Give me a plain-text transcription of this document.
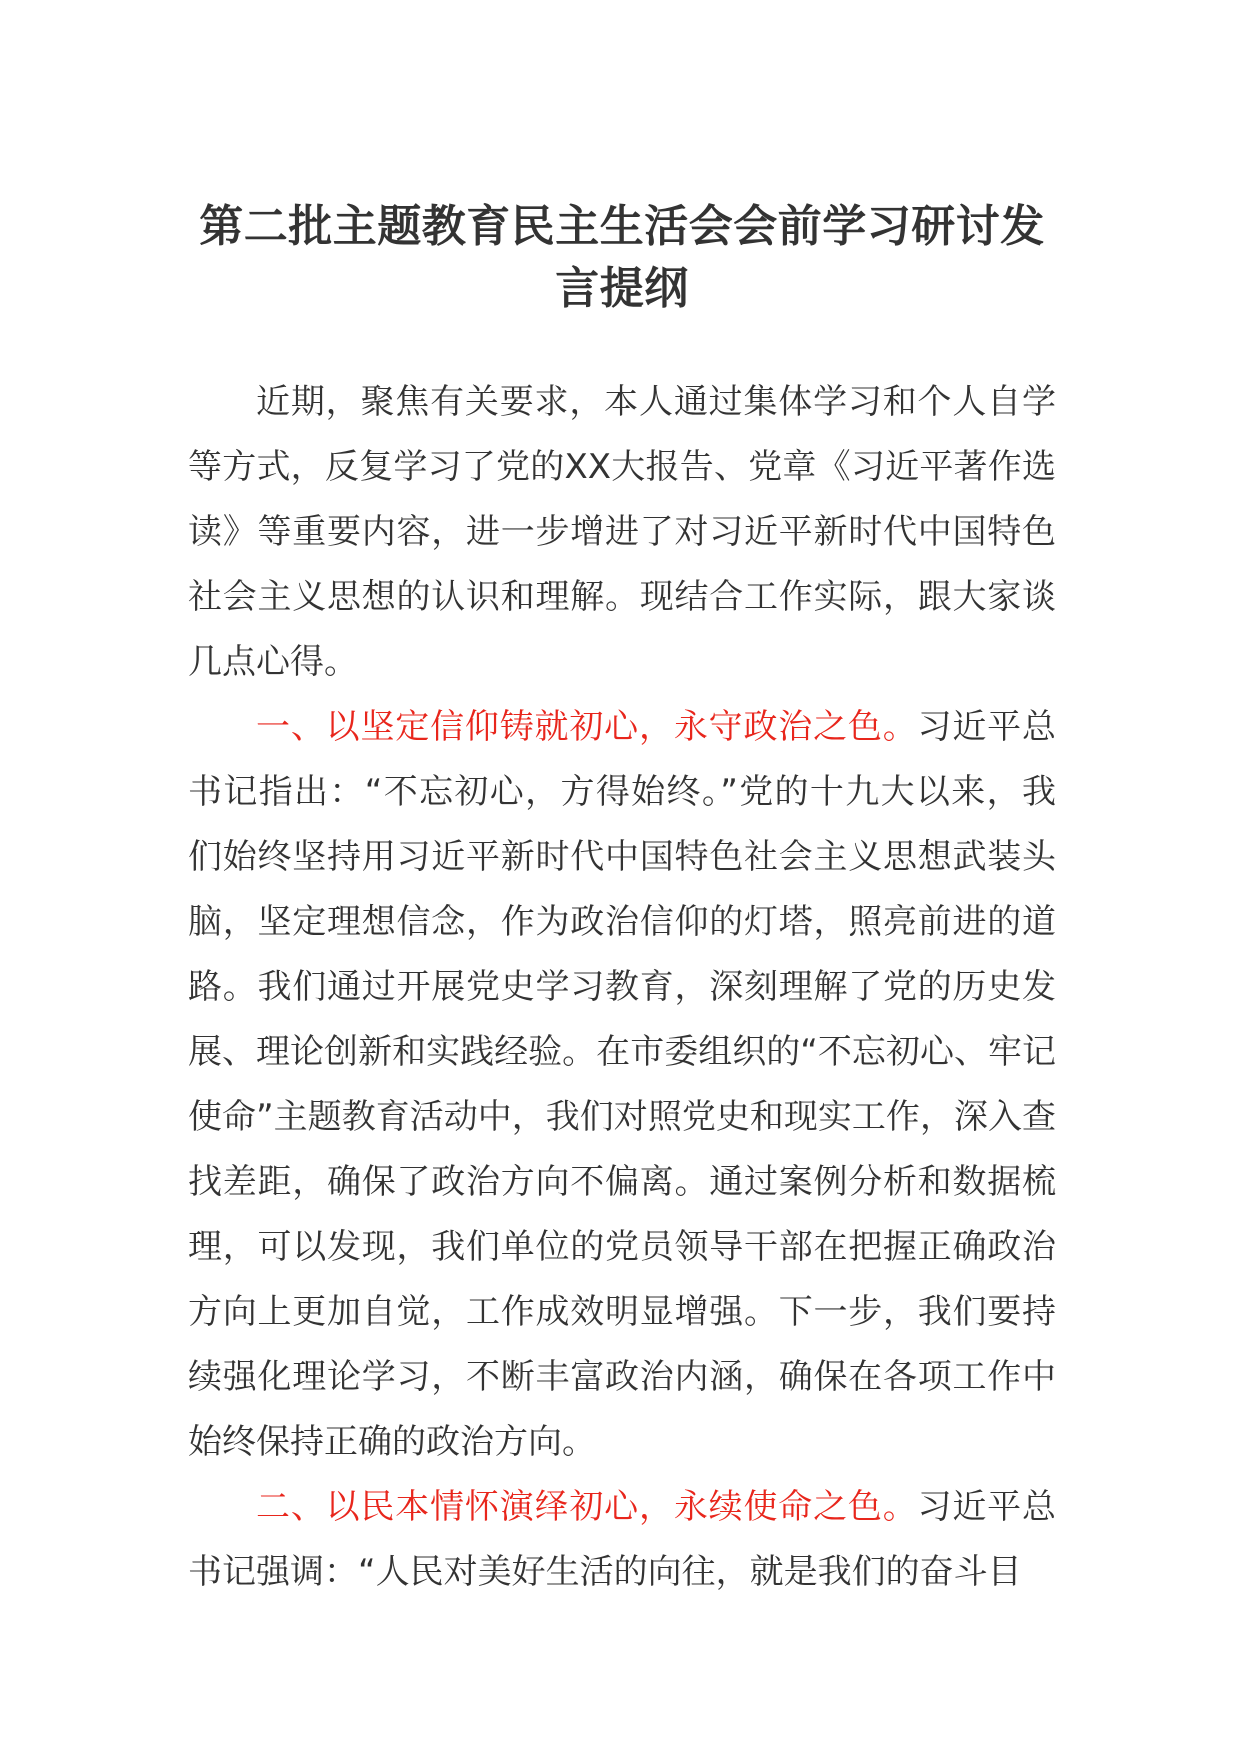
第二批主题教育民主生活会会前学习研讨发言提纲

近期，聚焦有关要求，本人通过集体学习和个人自学等方式，反复学习了党的XX大报告、党章《习近平著作选读》等重要内容，进一步增进了对习近平新时代中国特色社会主义思想的认识和理解。现结合工作实际，跟大家谈几点心得。

一、以坚定信仰铸就初心，永守政治之色。习近平总书记指出：“不忘初心，方得始终。”党的十九大以来，我们始终坚持用习近平新时代中国特色社会主义思想武装头脑，坚定理想信念，作为政治信仰的灯塔，照亮前进的道路。我们通过开展党史学习教育，深刻理解了党的历史发展、理论创新和实践经验。在市委组织的“不忘初心、牢记使命”主题教育活动中，我们对照党史和现实工作，深入查找差距，确保了政治方向不偏离。通过案例分析和数据梳理，可以发现，我们单位的党员领导干部在把握正确政治方向上更加自觉，工作成效明显增强。下一步，我们要持续强化理论学习，不断丰富政治内涵，确保在各项工作中始终保持正确的政治方向。

二、以民本情怀演绎初心，永续使命之色。习近平总书记强调：“人民对美好生活的向往，就是我们的奋斗目
